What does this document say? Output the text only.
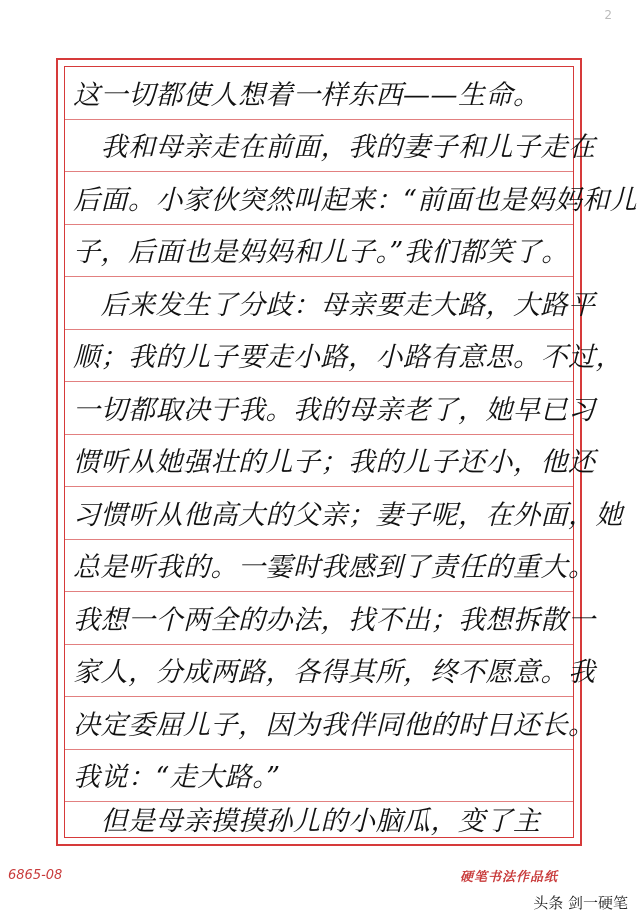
2
这一切都使人想着一样东西——生命。
　我和母亲走在前面，我的妻子和儿子走在
后面。小家伙突然叫起来：“前面也是妈妈和儿
子，后面也是妈妈和儿子。”我们都笑了。
　后来发生了分歧：母亲要走大路，大路平
顺；我的儿子要走小路，小路有意思。不过，
一切都取决于我。我的母亲老了，她早已习
惯听从她强壮的儿子；我的儿子还小，他还
习惯听从他高大的父亲；妻子呢，在外面，她
总是听我的。一霎时我感到了责任的重大。
我想一个两全的办法，找不出；我想拆散一
家人，分成两路，各得其所，终不愿意。我
决定委屈儿子，因为我伴同他的时日还长。
我说：“走大路。”
　但是母亲摸摸孙儿的小脑瓜，变了主
6865-08	硬笔书法作品纸
头条 剑一硬笔
